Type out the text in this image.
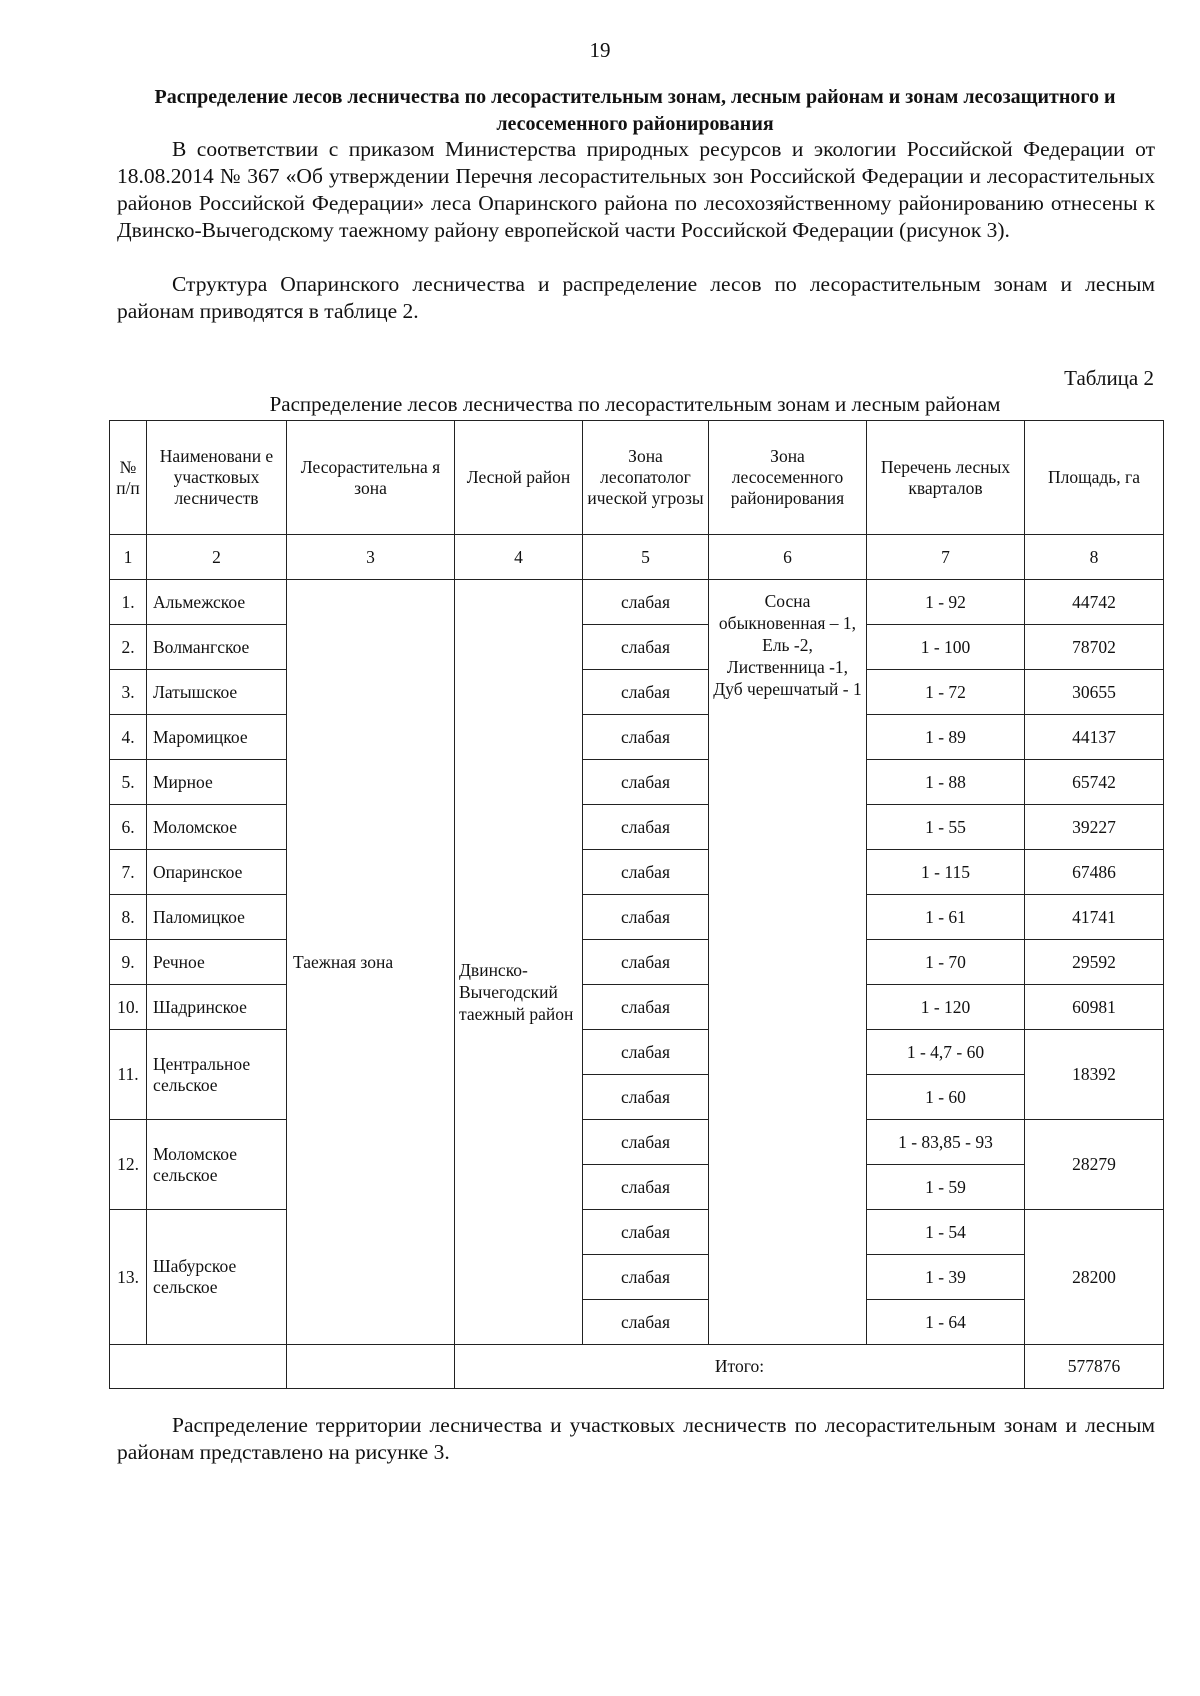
19
Распределение лесов лесничества по лесорастительным зонам, лесным районам и зонам лесозащитного и лесосеменного районирования

В соответствии с приказом Министерства природных ресурсов и экологии Российской Федерации от 18.08.2014 № 367 «Об утверждении Перечня лесорастительных зон Российской Федерации и лесорастительных районов Российской Федерации» леса Опаринского района по лесохозяйственному районированию отнесены к Двинско-Вычегодскому таежному району европейской части Российской Федерации (рисунок 3).

Структура Опаринского лесничества и распределение лесов по лесорастительным зонам и лесным районам приводятся в таблице 2.

Таблица 2
Распределение лесов лесничества по лесорастительным зонам и лесным районам
№ п/п	Наименовани е участковых лесничеств	Лесорастительна я зона	Лесной район	Зона лесопатолог ической угрозы	Зона лесосеменного районирования	Перечень лесных кварталов	Площадь, га
1	2	3	4	5	6	7	8
1.	Альмежское	Таежная зона	Двинско-Вычегодский таежный район	слабая	Сосна обыкновенная – 1, Ель -2, Лиственница -1, Дуб черешчатый - 1	1 - 92	44742
2.	Волмангское			слабая		1 - 100	78702
3.	Латышское			слабая		1 - 72	30655
4.	Маромицкое			слабая		1 - 89	44137
5.	Мирное			слабая		1 - 88	65742
6.	Моломское			слабая		1 - 55	39227
7.	Опаринское			слабая		1 - 115	67486
8.	Паломицкое			слабая		1 - 61	41741
9.	Речное			слабая		1 - 70	29592
10.	Шадринское			слабая		1 - 120	60981
11.	Центральное сельское			слабая		1 - 4,7 - 60	18392
				слабая		1 - 60	
12.	Моломское сельское			слабая		1 - 83,85 - 93	28279
				слабая		1 - 59	
13.	Шабурское сельское			слабая		1 - 54	28200
				слабая		1 - 39	
				слабая		1 - 64	
			Итого:				577876

Распределение территории лесничества и участковых лесничеств по лесорастительным зонам и лесным районам представлено на рисунке 3.
